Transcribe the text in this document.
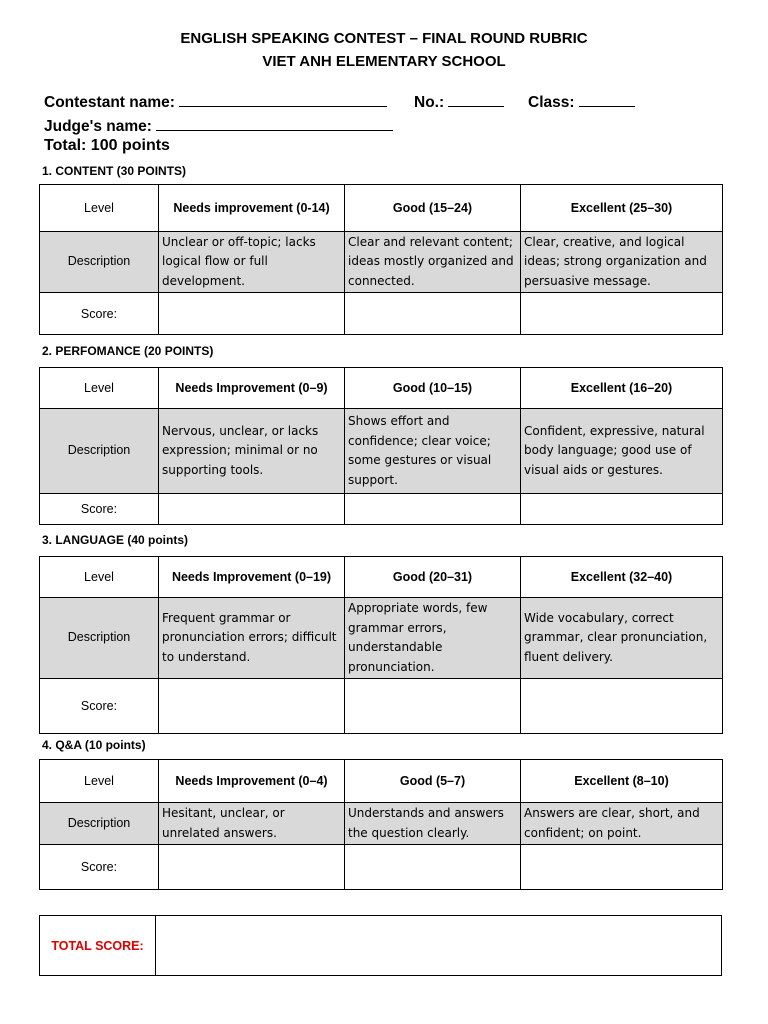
ENGLISH SPEAKING CONTEST – FINAL ROUND RUBRIC
VIET ANH ELEMENTARY SCHOOL
Contestant name:	No.:	Class:
Judge's name:
Total: 100 points
1. CONTENT (30 POINTS)
Level	Needs improvement (0-14)	Good (15–24)	Excellent (25–30)
Description	Unclear or off-topic; lacks logical flow or full development.	Clear and relevant content; ideas mostly organized and connected.	Clear, creative, and logical ideas; strong organization and persuasive message.
Score:			
2. PERFOMANCE (20 POINTS)
Level	Needs Improvement (0–9)	Good (10–15)	Excellent (16–20)
Description	Nervous, unclear, or lacks expression; minimal or no supporting tools.	Shows effort and confidence; clear voice; some gestures or visual support.	Confident, expressive, natural body language; good use of visual aids or gestures.
Score:			
3. LANGUAGE (40 points)
Level	Needs Improvement (0–19)	Good (20–31)	Excellent (32–40)
Description	Frequent grammar or pronunciation errors; difficult to understand.	Appropriate words, few grammar errors, understandable pronunciation.	Wide vocabulary, correct grammar, clear pronunciation, fluent delivery.
Score:			
4. Q&A (10 points)
Level	Needs Improvement (0–4)	Good (5–7)	Excellent (8–10)
Description	Hesitant, unclear, or unrelated answers.	Understands and answers the question clearly.	Answers are clear, short, and confident; on point.
Score:			
TOTAL SCORE:	
